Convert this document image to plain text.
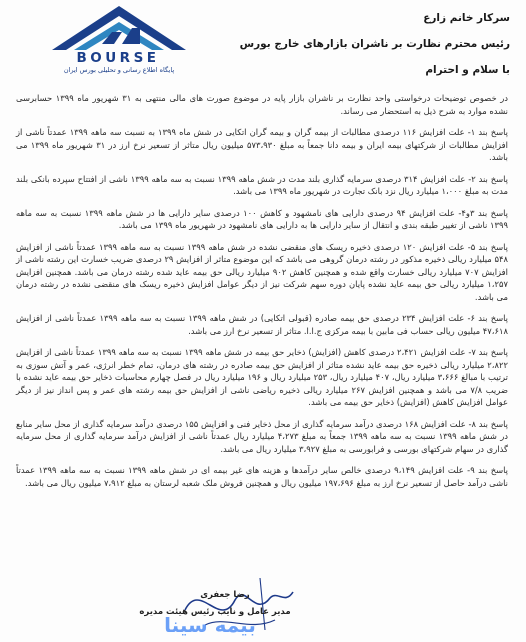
BOURSE
پایگاه اطلاع رسانی و تحلیلی بورس ایران
سرکار خانم زارع
رئیس محترم نظارت بر ناشران بازارهای خارج بورس
با سلام و احترام

در خصوص توضیحات درخواستی واحد نظارت بر ناشران بازار پایه در موضوع صورت های مالی منتهی به ۳۱ شهریور ماه ۱۳۹۹ حسابرسی نشده موارد به شرح ذیل به استحضار می رساند.

پاسخ بند ۱- علت افزایش ۱۱۶ درصدی مطالبات از بیمه گران و بیمه گران اتکایی در شش ماه ۱۳۹۹ به نسبت سه ماهه ۱۳۹۹ عمدتاً ناشی از افزایش مطالبات از شرکتهای بیمه ایران و بیمه دانا جمعاً به مبلغ ۵۷۳،۹۳۰ میلیون ریال متاثر از تسعیر نرخ ارز در ۳۱ شهریور ماه ۱۳۹۹ می باشد.

پاسخ بند ۲- علت افزایش ۳۱۴ درصدی سرمایه گذاری بلند مدت در شش ماهه ۱۳۹۹ نسبت به سه ماهه ۱۳۹۹ ناشی از افتتاح سپرده بانکی بلند مدت به مبلغ ۱،۰۰۰ میلیارد ریال نزد بانک تجارت در شهریور ماه ۱۳۹۹ می باشد.

پاسخ بند ۳و۴- علت افزایش ۹۴ درصدی دارایی های نامشهود و کاهش ۱۰۰ درصدی سایر دارایی ها در شش ماهه ۱۳۹۹ نسبت به سه ماهه ۱۳۹۹ ناشی از تغییر طبقه بندی و انتقال از سایر دارایی ها به دارایی های نامشهود در شهریور ماه ۱۳۹۹ می باشد.

پاسخ بند ۵- علت افزایش ۱۲۰ درصدی ذخیره ریسک های منقضی نشده در شش ماهه ۱۳۹۹ نسبت به سه ماهه ۱۳۹۹ عمدتاً ناشی از افزایش ۵۴۸ میلیارد ریالی ذخیره مذکور در رشته درمان گروهی می باشد که این موضوع متاثر از افزایش ۲۹ درصدی ضریب خسارت این رشته ناشی از افزایش ۷۰۷ میلیارد ریالی خسارت واقع شده و همچنین کاهش ۹۰۲ میلیارد ریالی حق بیمه عاید شده رشته درمان می باشد. همچنین افزایش ۱،۲۵۷ میلیارد ریالی حق بیمه عاید نشده پایان دوره سهم شرکت نیز از دیگر عوامل افزایش ذخیره ریسک های منقضی نشده در رشته درمان می باشد.

پاسخ بند ۶- علت افزایش ۲۳۴ درصدی حق بیمه صادره (قبولی اتکایی) در شش ماهه ۱۳۹۹ نسبت به سه ماهه ۱۳۹۹ عمدتاً ناشی از افزایش ۴۷،۶۱۸ میلیون ریالی حساب فی مابین با بیمه مرکزی ج.ا.ا. متاثر از تسعیر نرخ ارز می باشد.

پاسخ بند ۷- علت افزایش ۲،۴۲۱ درصدی کاهش (افزایش) ذخایر حق بیمه در شش ماهه ۱۳۹۹ نسبت به سه ماهه ۱۳۹۹ عمدتاً ناشی از افزایش ۲،۸۲۲ میلیارد ریالی ذخیره حق بیمه عاید نشده متاثر از افزایش حق بیمه صادره در رشته های درمان، تمام خطر انرژی، عمر و آتش سوزی به ترتیب با مبالغ ۳،۶۶۶ میلیارد ریال، ۴۰۷ میلیارد ریال، ۲۵۳ میلیارد ریال و ۱۹۶ میلیارد ریال در فصل چهارم محاسبات ذخایر حق بیمه عاید نشده با ضریب ۷/۸ می باشد و همچنین افزایش ۲۶۷ میلیارد ریالی ذخیره ریاضی ناشی از افزایش حق بیمه رشته های عمر و پس انداز نیز از دیگر عوامل افزایش کاهش (افزایش) ذخایر حق بیمه می باشد.

پاسخ بند ۸- علت افزایش ۱۶۸ درصدی درآمد سرمایه گذاری از محل ذخایر فنی و افزایش ۱۵۵ درصدی درآمد سرمایه گذاری از محل سایر منابع در شش ماهه ۱۳۹۹ نسبت به سه ماهه ۱۳۹۹ جمعاً به مبلغ ۴،۲۷۳ میلیارد ریال عمدتاً ناشی از افزایش درآمد سرمایه گذاری از محل سرمایه گذاری در سهام شرکتهای بورسی و فرابورسی به مبلغ ۳،۹۲۷ میلیارد ریال می باشد.

پاسخ بند ۹- علت افزایش ۹،۱۴۹ درصدی خالص سایر درآمدها و هزینه های غیر بیمه ای در شش ماهه ۱۳۹۹ نسبت به سه ماهه ۱۳۹۹ عمدتاً ناشی درآمد حاصل از تسعیر نرخ ارز به مبلغ ۱۹۷،۶۹۶ میلیون ریال و همچنین فروش ملک شعبه لرستان به مبلغ ۷،۹۱۲ میلیون ریال می باشد.

رضا جعفری
مدیر عامل و نایب رئیس هیئت مدیره
بیمه سینا
